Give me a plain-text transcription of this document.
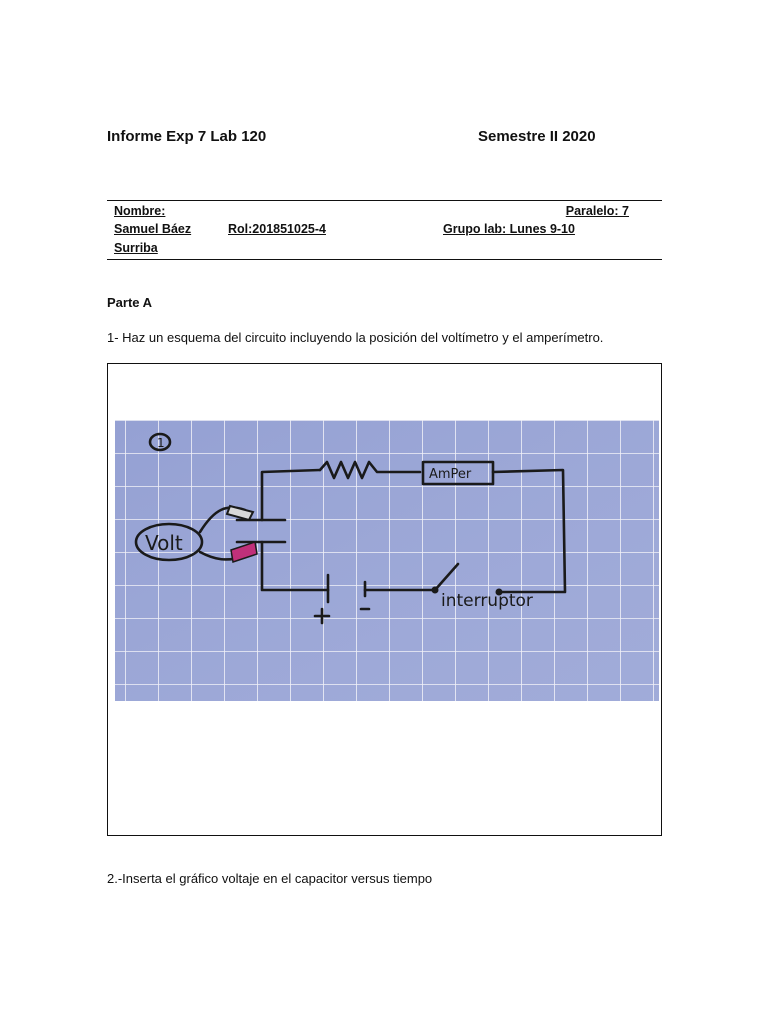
Informe Exp 7 Lab 120	Semestre II 2020
Nombre:
Samuel Báez
Surriba
Rol:201851025-4
Paralelo: 7
Grupo lab: Lunes 9-10
Parte A
1- Haz un esquema del circuito incluyendo la posición del voltímetro y el amperímetro.
1
Volt
AmPer
interruptor
2.-Inserta el gráfico voltaje en el capacitor versus tiempo
